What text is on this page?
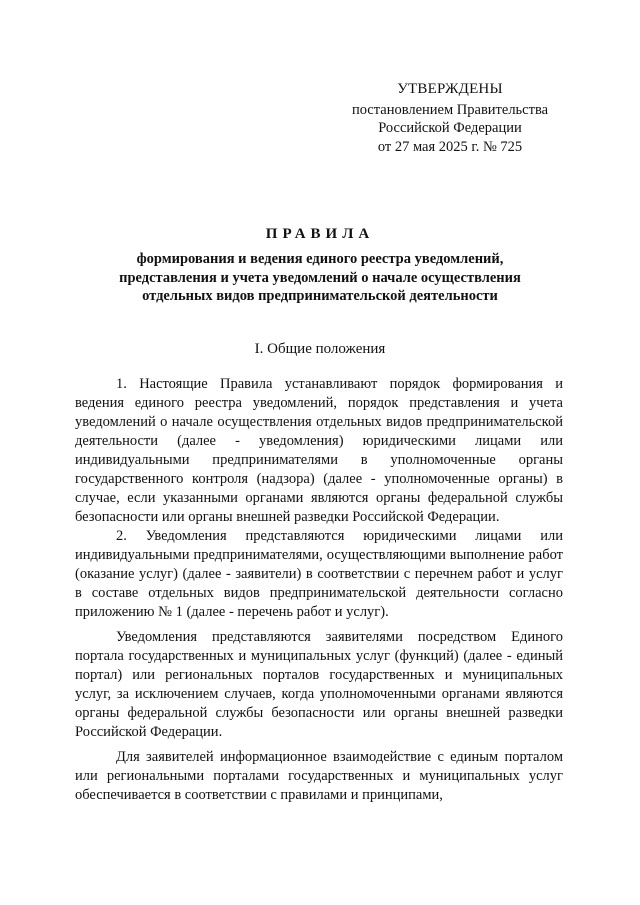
УТВЕРЖДЕНЫ
постановлением Правительства
Российской Федерации
от 27 мая 2025 г. № 725
ПРАВИЛА
формирования и ведения единого реестра уведомлений,
представления и учета уведомлений о начале осуществления
отдельных видов предпринимательской деятельности
I. Общие положения

1. Настоящие Правила устанавливают порядок формирования и ведения единого реестра уведомлений, порядок представления и учета уведомлений о начале осуществления отдельных видов предпринимательской деятельности (далее - уведомления) юридическими лицами или индивидуальными предпринимателями в уполномоченные органы государственного контроля (надзора) (далее - уполномоченные органы) в случае, если указанными органами являются органы федеральной службы безопасности или органы внешней разведки Российской Федерации.

2. Уведомления представляются юридическими лицами или индивидуальными предпринимателями, осуществляющими выполнение работ (оказание услуг) (далее - заявители) в соответствии с перечнем работ и услуг в составе отдельных видов предпринимательской деятельности согласно приложению № 1 (далее - перечень работ и услуг).

Уведомления представляются заявителями посредством Единого портала государственных и муниципальных услуг (функций) (далее - единый портал) или региональных порталов государственных и муниципальных услуг, за исключением случаев, когда уполномоченными органами являются органы федеральной службы безопасности или органы внешней разведки Российской Федерации.

Для заявителей информационное взаимодействие с единым порталом или региональными порталами государственных и муниципальных услуг обеспечивается в соответствии с правилами и принципами,
